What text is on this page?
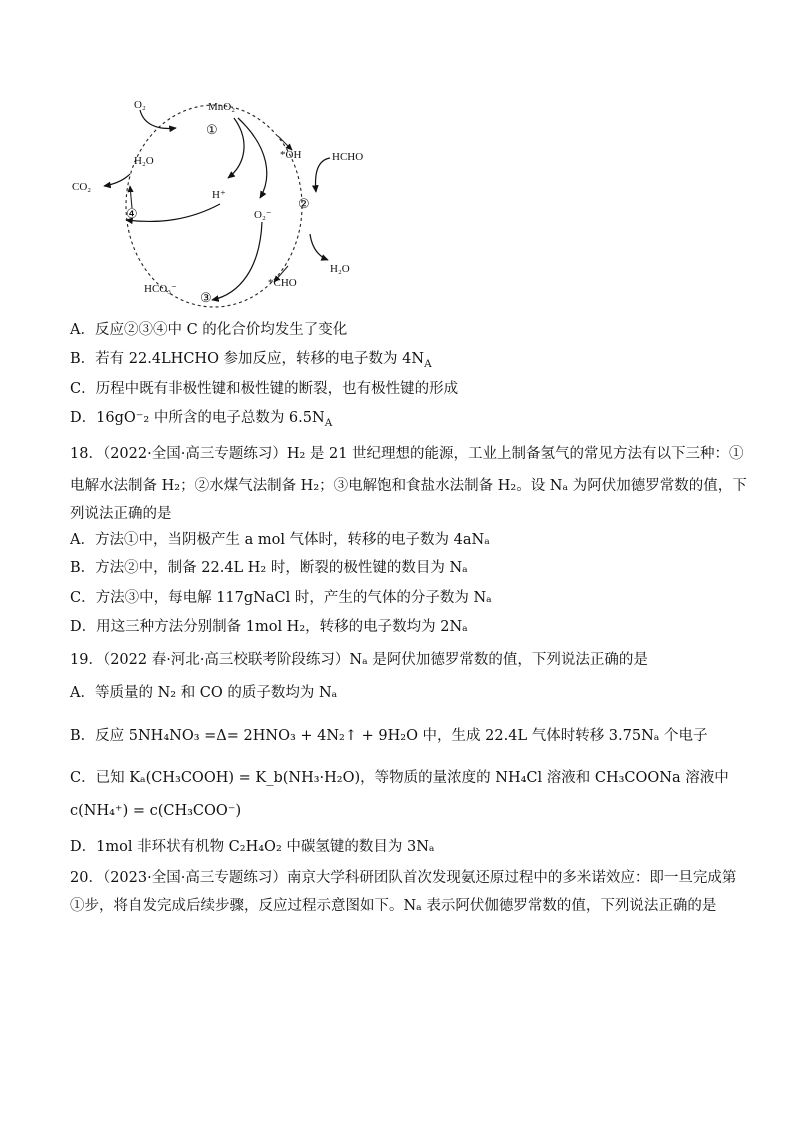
O₂	MnO₂
①
*OH	HCHO
H₂O
H⁺
②
CO₂
④	O₂⁻
H₂O
HCO₃⁻
③
*CHO
A．反应②③④中 C 的化合价均发生了变化
B．若有 22.4LHCHO 参加反应，转移的电子数为 $4N_A$
C．历程中既有非极性键和极性键的断裂，也有极性键的形成
D．16gO⁻₂ 中所含的电子总数为 $6.5N_A$
18．（2022·全国·高三专题练习）H₂ 是 21 世纪理想的能源，工业上制备氢气的常见方法有以下三种：①
电解水法制备 H₂；②水煤气法制备 H₂；③电解饱和食盐水法制备 H₂。设 Nₐ 为阿伏加德罗常数的值，下
列说法正确的是
A．方法①中，当阴极产生 a mol 气体时，转移的电子数为 4aNₐ
B．方法②中，制备 22.4L H₂ 时，断裂的极性键的数目为 Nₐ
C．方法③中，每电解 117gNaCl 时，产生的气体的分子数为 Nₐ
D．用这三种方法分别制备 1mol H₂，转移的电子数均为 2Nₐ
19．（2022 春·河北·高三校联考阶段练习）Nₐ 是阿伏加德罗常数的值，下列说法正确的是
A．等质量的 N₂ 和 CO 的质子数均为 Nₐ
B．反应 5NH₄NO₃ =Δ= 2HNO₃ + 4N₂↑ + 9H₂O 中，生成 22.4L 气体时转移 3.75Nₐ 个电子
C．已知 Kₐ(CH₃COOH) = K_b(NH₃·H₂O)，等物质的量浓度的 NH₄Cl 溶液和 CH₃COONa 溶液中
c(NH₄⁺) = c(CH₃COO⁻)
D．1mol 非环状有机物 C₂H₄O₂ 中碳氢键的数目为 3Nₐ
20．（2023·全国·高三专题练习）南京大学科研团队首次发现氨还原过程中的多米诺效应：即一旦完成第
①步，将自发完成后续步骤，反应过程示意图如下。Nₐ 表示阿伏伽德罗常数的值，下列说法正确的是
